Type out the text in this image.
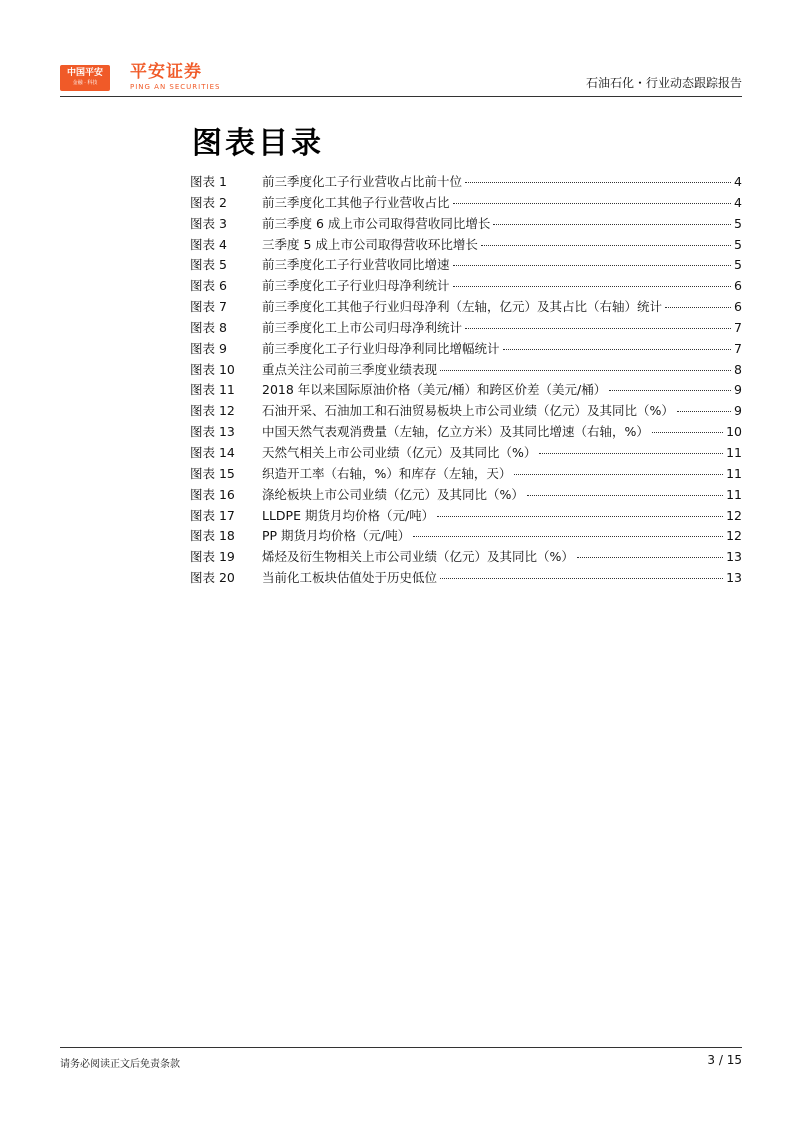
中国平安
金融 · 科技
平安证券
PING AN SECURITIES	石油石化・行业动态跟踪报告
图表目录
图表 1	前三季度化工子行业营收占比前十位	4
图表 2	前三季度化工其他子行业营收占比	4
图表 3	前三季度 6 成上市公司取得营收同比增长	5
图表 4	三季度 5 成上市公司取得营收环比增长	5
图表 5	前三季度化工子行业营收同比增速	5
图表 6	前三季度化工子行业归母净利统计	6
图表 7	前三季度化工其他子行业归母净利（左轴，亿元）及其占比（右轴）统计	6
图表 8	前三季度化工上市公司归母净利统计	7
图表 9	前三季度化工子行业归母净利同比增幅统计	7
图表 10	重点关注公司前三季度业绩表现	8
图表 11	2018 年以来国际原油价格（美元/桶）和跨区价差（美元/桶）	9
图表 12	石油开采、石油加工和石油贸易板块上市公司业绩（亿元）及其同比（%）	9
图表 13	中国天然气表观消费量（左轴，亿立方米）及其同比增速（右轴，%）	10
图表 14	天然气相关上市公司业绩（亿元）及其同比（%）	11
图表 15	织造开工率（右轴，%）和库存（左轴，天）	11
图表 16	涤纶板块上市公司业绩（亿元）及其同比（%）	11
图表 17	LLDPE 期货月均价格（元/吨）	12
图表 18	PP 期货月均价格（元/吨）	12
图表 19	烯烃及衍生物相关上市公司业绩（亿元）及其同比（%）	13
图表 20	当前化工板块估值处于历史低位	13
请务必阅读正文后免责条款	3 / 15
